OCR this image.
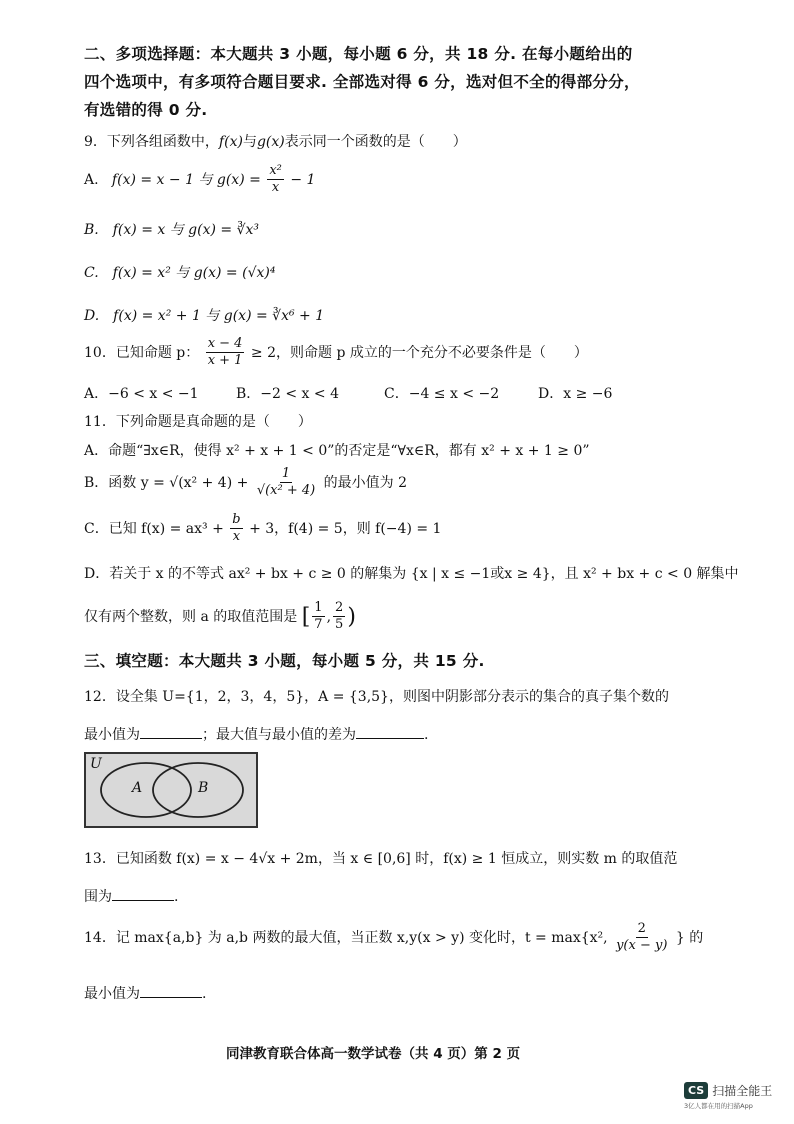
二、多项选择题：本大题共 3 小题，每小题 6 分，共 18 分. 在每小题给出的
四个选项中，有多项符合题目要求. 全部选对得 6 分，选对但不全的得部分分，
有选错的得 0 分.
9．下列各组函数中，f(x)与g(x)表示同一个函数的是（　　）
A. f(x) = x − 1 与 $g(x) = \frac{\text{x²}}{x} - 1$
B.　f(x) = x 与 g(x) = ∛x³
C.　f(x) = x² 与 g(x) = (√x)⁴
D.　f(x) = x² + 1 与 g(x) = ∛x⁶ + 1
10．已知命题 p： $\frac{x - 4}{x + 1} \ge 2$，则命题 p 成立的一个充分不必要条件是（　　）
A．−6 < x < −1	B．−2 < x < 4	C．−4 ≤ x < −2	D．x ≥ −6
11．下列命题是真命题的是（　　）
A．命题“∃x∈R，使得 x² + x + 1 < 0”的否定是“∀x∈R，都有 x² + x + 1 ≥ 0”
B．函数 $y = √(x^2 + 4) + \frac{1}{\text{√(x² + 4)}}$ 的最小值为 2
C．已知 $f(x) = ax^3 + \frac{b}{x} + 3$，f(4) = 5，则 f(−4) = 1
D．若关于 x 的不等式 ax² + bx + c ≥ 0 的解集为 {x | x ≤ −1或x ≥ 4}，且 x² + bx + c < 0 解集中
仅有两个整数，则 a 的取值范围是 [ $\frac{1}{7}$ , $\frac{2}{5}$ )
三、填空题：本大题共 3 小题，每小题 5 分，共 15 分.
12．设全集 U={1，2，3，4，5}，A = {3,5}，则图中阴影部分表示的集合的真子集个数的
最小值为	；最大值与最小值的差为	.
U
A	B
13．已知函数 f(x) = x − 4√x + 2m，当 x ∈ [0,6] 时，f(x) ≥ 1 恒成立，则实数 m 的取值范
围为	.
14．记 max{a,b} 为 a,b 两数的最大值，当正数 x,y(x > y) 变化时，t = max{x², $\frac{2}{y(x - y)}$ } 的
最小值为	.
同津教育联合体高一数学试卷（共 4 页）第 2 页
CS 扫描全能王
3亿人都在用的扫描App
